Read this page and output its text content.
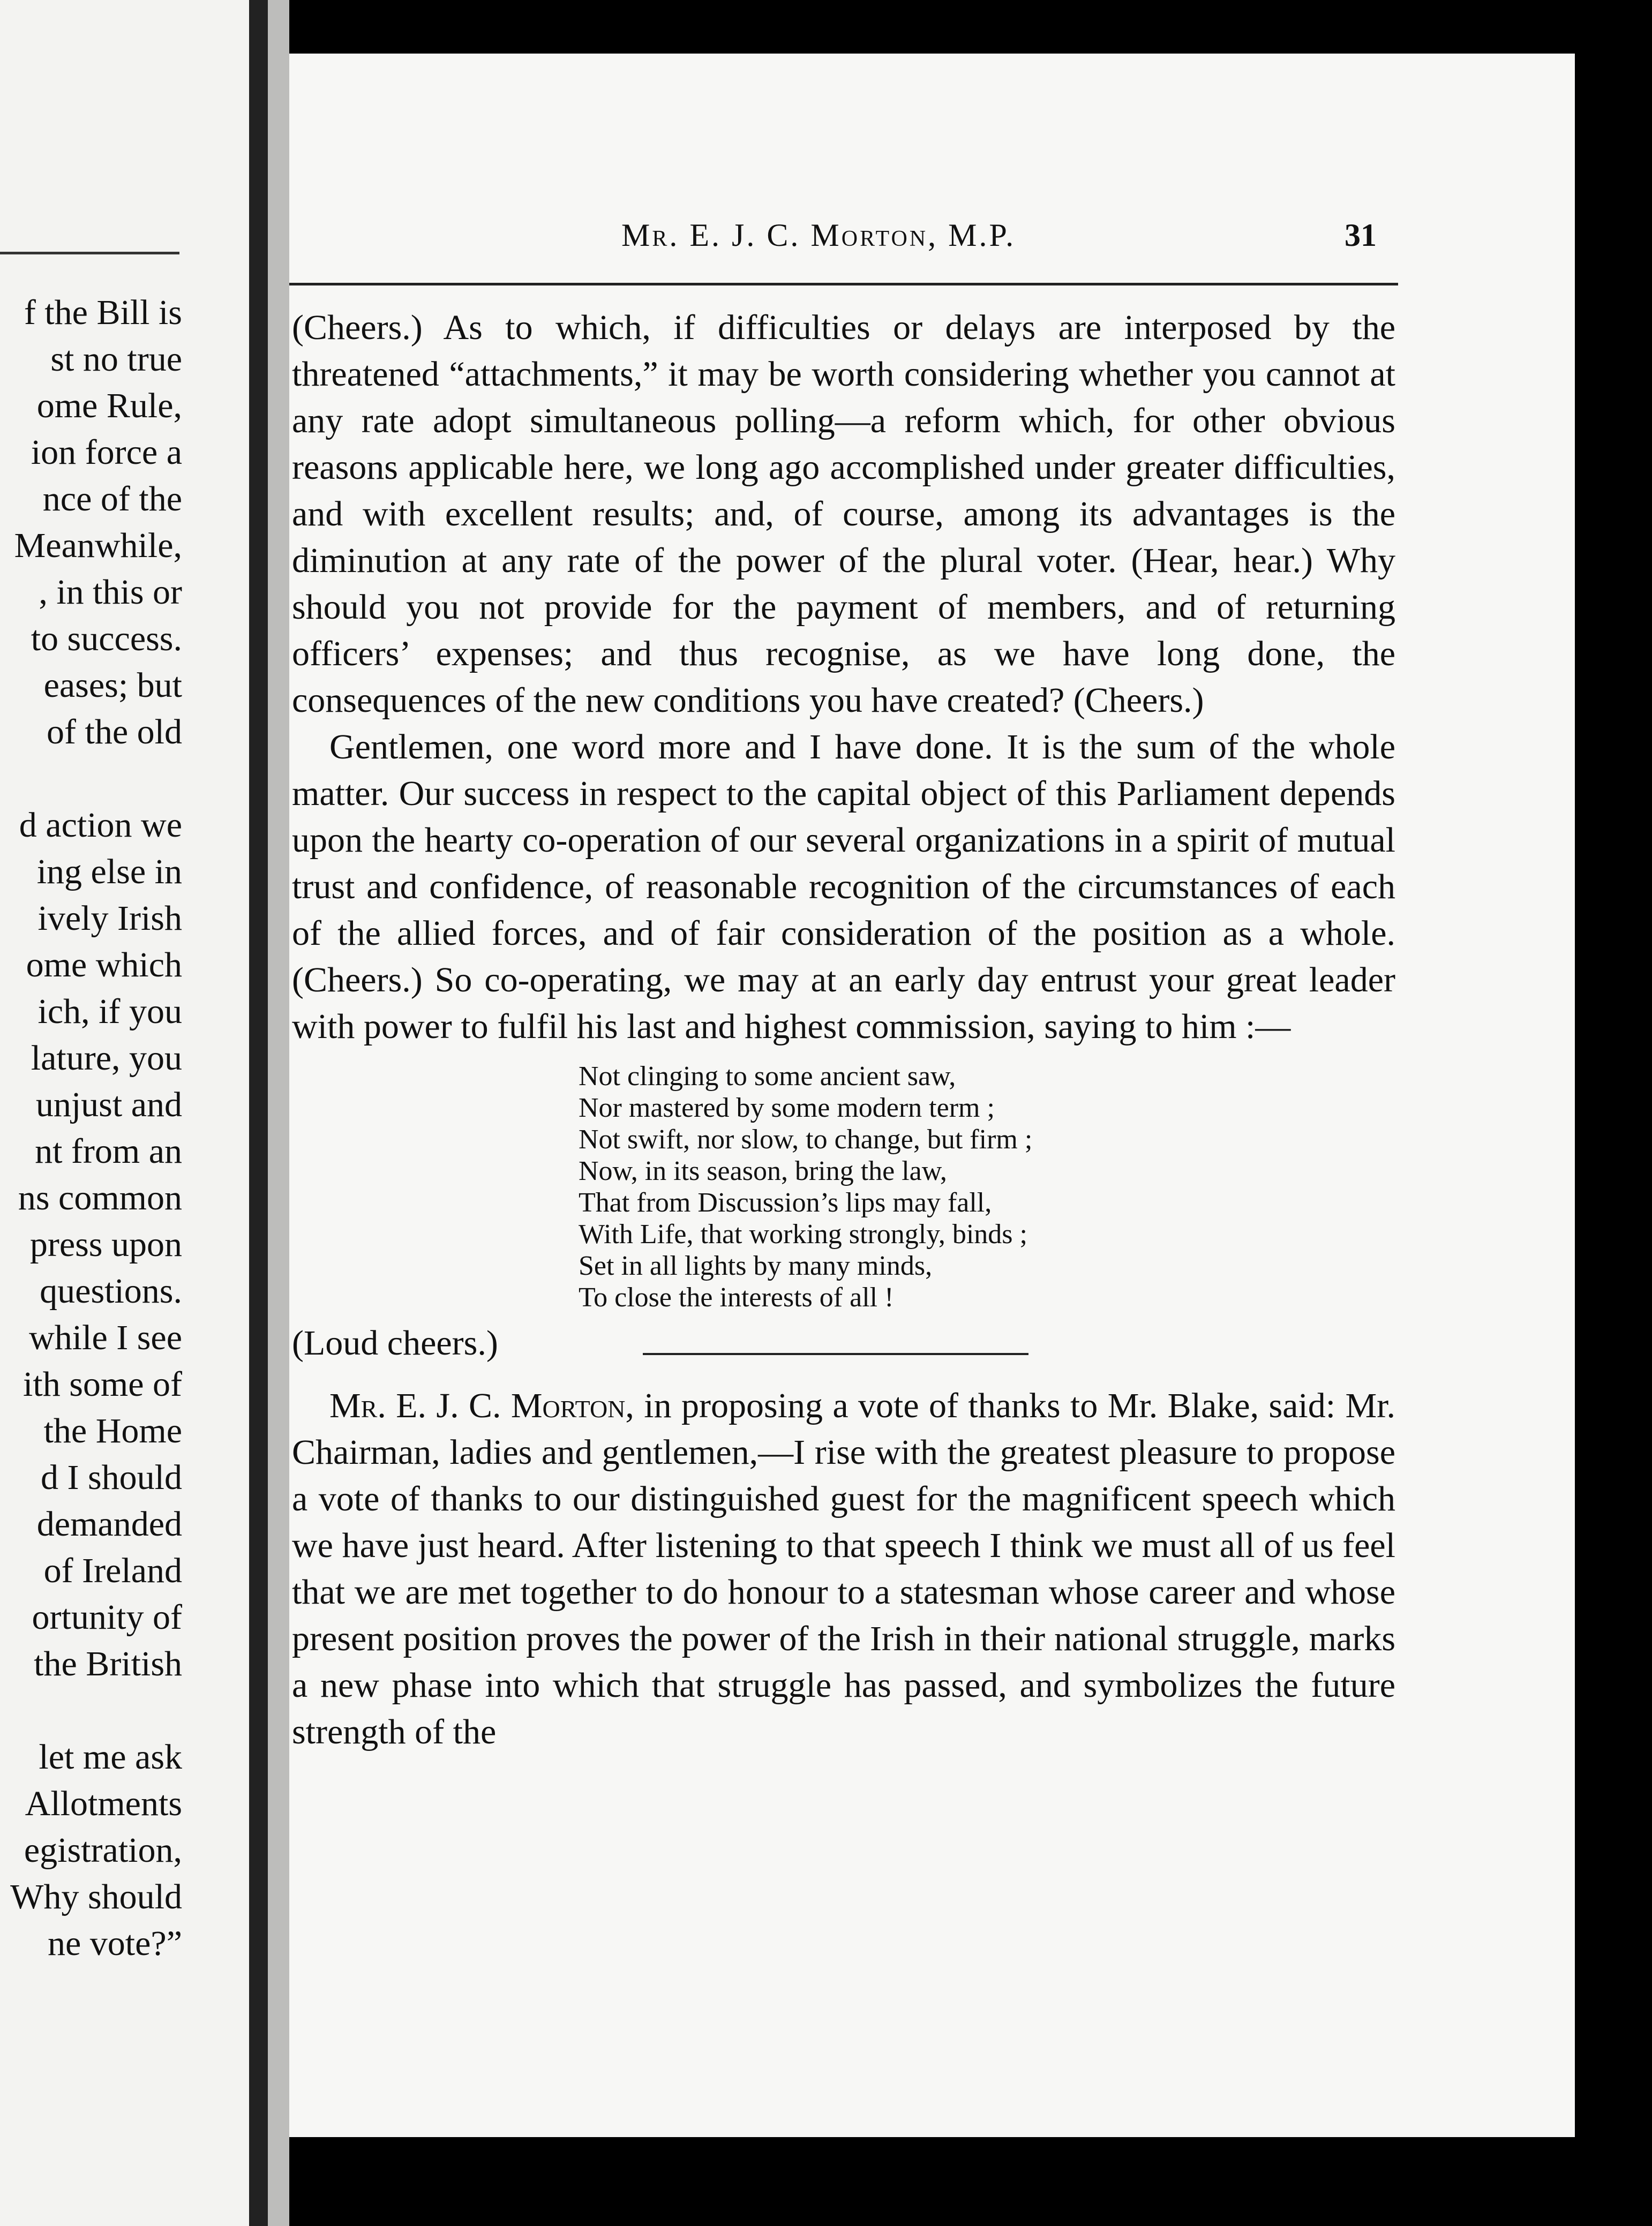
f the Bill is
st no true
ome Rule,
ion force a
nce of the
Meanwhile,
, in this or
to success.
eases; but
of the old
d action we
ing else in
ively Irish
ome which
ich, if you
lature, you
unjust and
nt from an
ns common
press upon
questions.
while I see
ith some of
the Home
d I should
demanded
of Ireland
ortunity of
the British
let me ask
Allotments
egistration,
Why should
ne vote?”
Mr. E. J. C. Morton, M.P.	31

(Cheers.) As to which, if difficulties or delays are interposed by the threatened “attachments,” it may be worth considering whether you cannot at any rate adopt simultaneous polling—a reform which, for other obvious reasons applicable here, we long ago accomplished under greater difficulties, and with excellent results; and, of course, among its advantages is the diminution at any rate of the power of the plural voter. (Hear, hear.) Why should you not provide for the payment of members, and of returning officers’ expenses; and thus recognise, as we have long done, the consequences of the new conditions you have created? (Cheers.)

Gentlemen, one word more and I have done. It is the sum of the whole matter. Our success in respect to the capital object of this Parliament depends upon the hearty co-operation of our several organizations in a spirit of mutual trust and confidence, of reasonable recognition of the circumstances of each of the allied forces, and of fair consideration of the position as a whole. (Cheers.) So co-operating, we may at an early day entrust your great leader with power to fulfil his last and highest commission, saying to him :—

Not clinging to some ancient saw,
Nor mastered by some modern term ;
Not swift, nor slow, to change, but firm ;
Now, in its season, bring the law,
That from Discussion’s lips may fall,
With Life, that working strongly, binds ;
Set in all lights by many minds,
To close the interests of all !
(Loud cheers.)

Mr. E. J. C. Morton, in proposing a vote of thanks to Mr. Blake, said: Mr. Chairman, ladies and gentlemen,—I rise with the greatest pleasure to propose a vote of thanks to our distinguished guest for the magnificent speech which we have just heard. After listening to that speech I think we must all of us feel that we are met together to do honour to a statesman whose career and whose present position proves the power of the Irish in their national struggle, marks a new phase into which that struggle has passed, and symbolizes the future strength of the
